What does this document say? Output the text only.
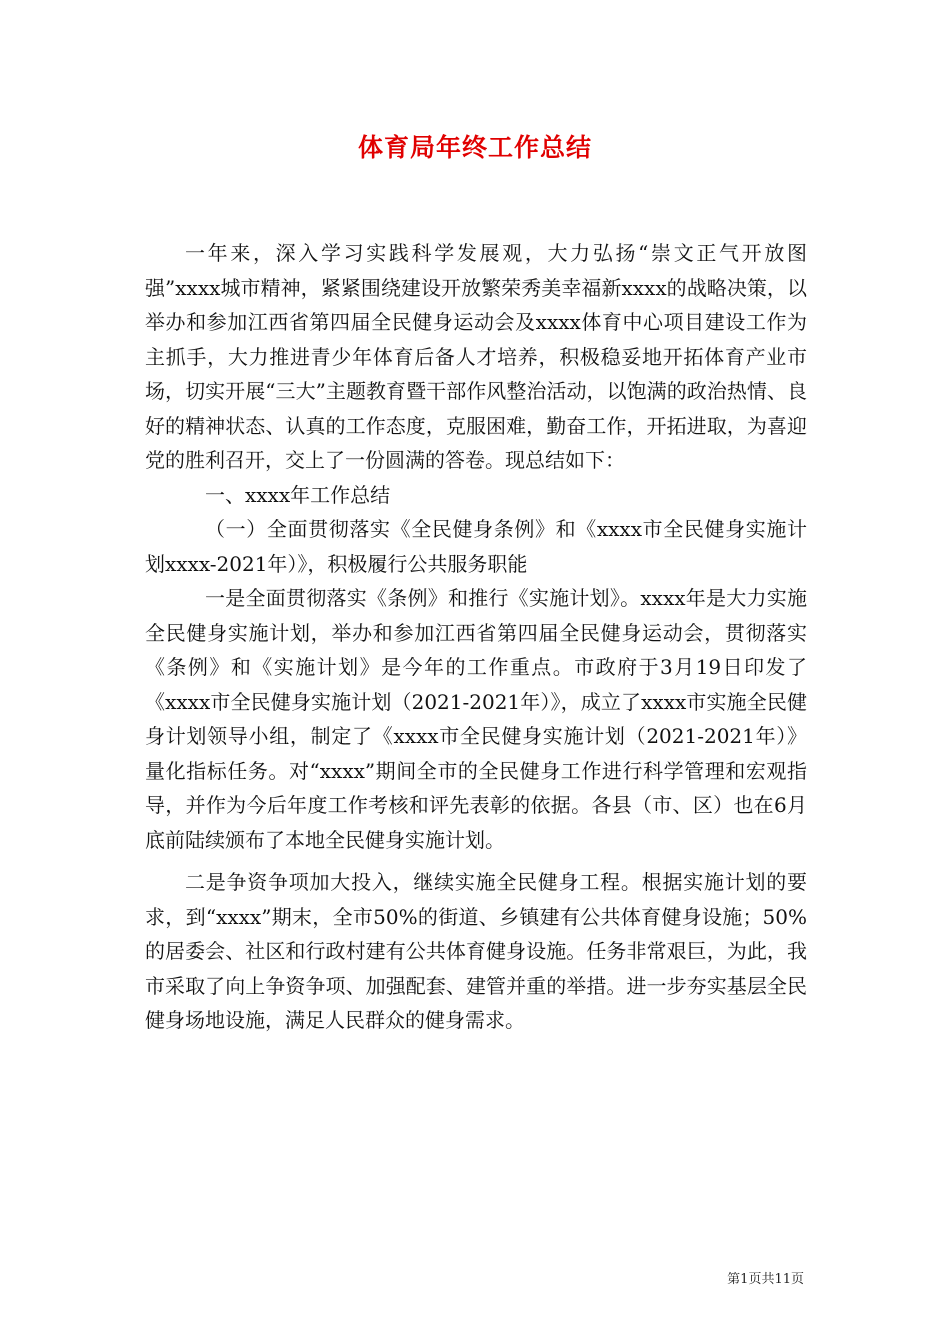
体育局年终工作总结

一年来，深入学习实践科学发展观，大力弘扬“崇文正气开放图强”xxxx城市精神，紧紧围绕建设开放繁荣秀美幸福新xxxx的战略决策，以举办和参加江西省第四届全民健身运动会及xxxx体育中心项目建设工作为主抓手，大力推进青少年体育后备人才培养，积极稳妥地开拓体育产业市场，切实开展“三大”主题教育暨干部作风整治活动，以饱满的政治热情、良好的精神状态、认真的工作态度，克服困难，勤奋工作，开拓进取，为喜迎党的胜利召开，交上了一份圆满的答卷。现总结如下：

一、xxxx年工作总结

（一）全面贯彻落实《全民健身条例》和《xxxx市全民健身实施计划xxxx-2021年）》，积极履行公共服务职能

一是全面贯彻落实《条例》和推行《实施计划》。xxxx年是大力实施全民健身实施计划，举办和参加江西省第四届全民健身运动会，贯彻落实《条例》和《实施计划》是今年的工作重点。市政府于3月19日印发了《xxxx市全民健身实施计划（2021-2021年）》，成立了xxxx市实施全民健身计划领导小组，制定了《xxxx市全民健身实施计划（2021-2021年）》量化指标任务。对“xxxx”期间全市的全民健身工作进行科学管理和宏观指导，并作为今后年度工作考核和评先表彰的依据。各县（市、区）也在6月底前陆续颁布了本地全民健身实施计划。

二是争资争项加大投入，继续实施全民健身工程。根据实施计划的要求，到“xxxx”期末，全市50%的街道、乡镇建有公共体育健身设施；50%的居委会、社区和行政村建有公共体育健身设施。任务非常艰巨，为此，我市采取了向上争资争项、加强配套、建管并重的举措。进一步夯实基层全民健身场地设施，满足人民群众的健身需求。

第1页共11页
